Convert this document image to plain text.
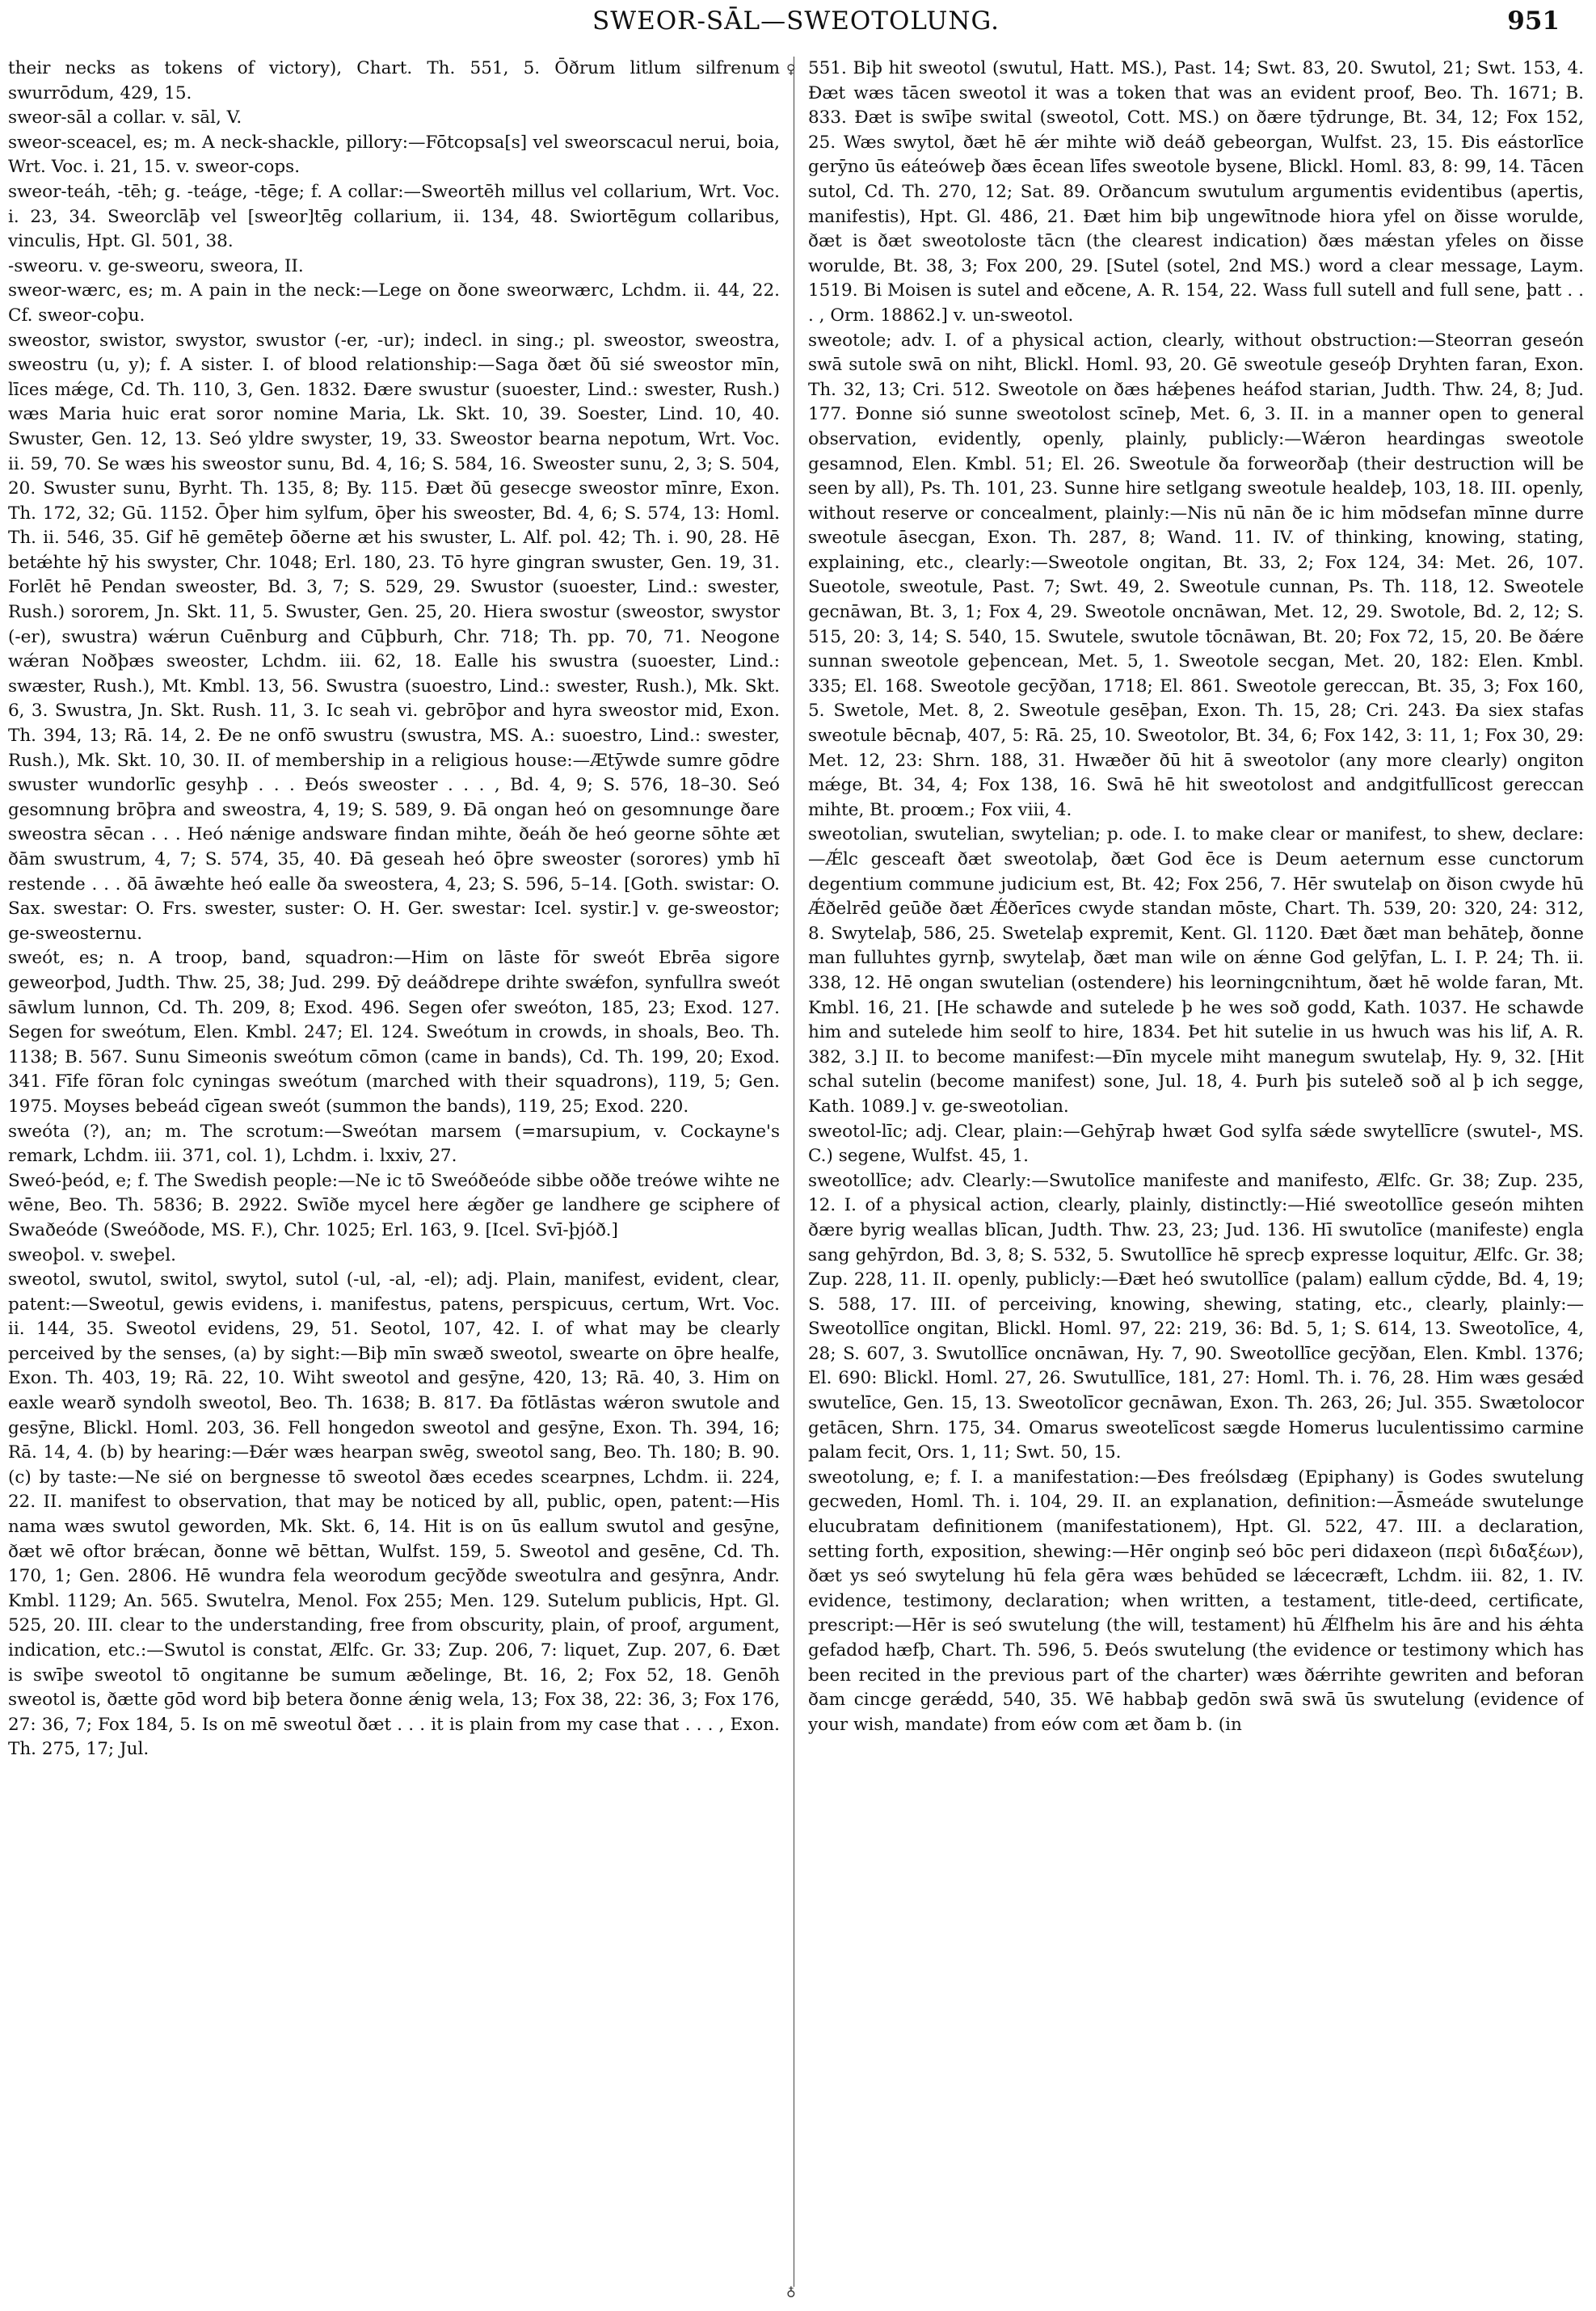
SWEOR-SĀL—SWEOTOLUNG.	951

their necks as tokens of victory), Chart. Th. 551, 5. Ōðrum litlum silfrenum swurrōdum, 429, 15.

sweor-sāl a collar. v. sāl, V.

sweor-sceacel, es; m. A neck-shackle, pillory:—Fōtcopsa[s] vel sweorscacul nerui, boia, Wrt. Voc. i. 21, 15. v. sweor-cops.

sweor-teáh, -tēh; g. -teáge, -tēge; f. A collar:—Sweortēh millus vel collarium, Wrt. Voc. i. 23, 34. Sweorclāþ vel [sweor]tēg collarium, ii. 134, 48. Swiortēgum collaribus, vinculis, Hpt. Gl. 501, 38.

-sweoru. v. ge-sweoru, sweora, II.

sweor-wærc, es; m. A pain in the neck:—Lege on ðone sweorwærc, Lchdm. ii. 44, 22. Cf. sweor-coþu.

sweostor, swistor, swystor, swustor (-er, -ur); indecl. in sing.; pl. sweostor, sweostra, sweostru (u, y); f. A sister. I. of blood relationship:—Saga ðæt ðū sié sweostor mīn, līces mǽge, Cd. Th. 110, 3, Gen. 1832. Ðære swustur (suoester, Lind.: swester, Rush.) wæs Maria huic erat soror nomine Maria, Lk. Skt. 10, 39. Soester, Lind. 10, 40. Swuster, Gen. 12, 13. Seó yldre swyster, 19, 33. Sweostor bearna nepotum, Wrt. Voc. ii. 59, 70. Se wæs his sweostor sunu, Bd. 4, 16; S. 584, 16. Sweoster sunu, 2, 3; S. 504, 20. Swuster sunu, Byrht. Th. 135, 8; By. 115. Ðæt ðū gesecge sweostor mīnre, Exon. Th. 172, 32; Gū. 1152. Ōþer him sylfum, ōþer his sweoster, Bd. 4, 6; S. 574, 13: Homl. Th. ii. 546, 35. Gif hē gemēteþ ōðerne æt his swuster, L. Alf. pol. 42; Th. i. 90, 28. Hē betǽhte hȳ his swyster, Chr. 1048; Erl. 180, 23. Tō hyre gingran swuster, Gen. 19, 31. Forlēt hē Pendan sweoster, Bd. 3, 7; S. 529, 29. Swustor (suoester, Lind.: swester, Rush.) sororem, Jn. Skt. 11, 5. Swuster, Gen. 25, 20. Hiera swostur (sweostor, swystor (-er), swustra) wǽrun Cuēnburg and Cūþburh, Chr. 718; Th. pp. 70, 71. Neogone wǽran Noðþæs sweoster, Lchdm. iii. 62, 18. Ealle his swustra (suoester, Lind.: swæster, Rush.), Mt. Kmbl. 13, 56. Swustra (suoestro, Lind.: swester, Rush.), Mk. Skt. 6, 3. Swustra, Jn. Skt. Rush. 11, 3. Ic seah vi. gebrōþor and hyra sweostor mid, Exon. Th. 394, 13; Rā. 14, 2. Ðe ne onfō swustru (swustra, MS. A.: suoestro, Lind.: swester, Rush.), Mk. Skt. 10, 30. II. of membership in a religious house:—Ætȳwde sumre gōdre swuster wundorlīc gesyhþ . . . Ðeós sweoster . . . , Bd. 4, 9; S. 576, 18–30. Seó gesomnung brōþra and sweostra, 4, 19; S. 589, 9. Ðā ongan heó on gesomnunge ðare sweostra sēcan . . . Heó nǽnige andsware findan mihte, ðeáh ðe heó georne sōhte æt ðām swustrum, 4, 7; S. 574, 35, 40. Ðā geseah heó ōþre sweoster (sorores) ymb hī restende . . . ðā āwæhte heó ealle ða sweostera, 4, 23; S. 596, 5–14. [Goth. swistar: O. Sax. swestar: O. Frs. swester, suster: O. H. Ger. swestar: Icel. systir.] v. ge-sweostor; ge-sweosternu.

sweót, es; n. A troop, band, squadron:—Him on lāste fōr sweót Ebrēa sigore geweorþod, Judth. Thw. 25, 38; Jud. 299. Ðȳ deáðdrepe drihte swǽfon, synfullra sweót sāwlum lunnon, Cd. Th. 209, 8; Exod. 496. Segen ofer sweóton, 185, 23; Exod. 127. Segen for sweótum, Elen. Kmbl. 247; El. 124. Sweótum in crowds, in shoals, Beo. Th. 1138; B. 567. Sunu Simeonis sweótum cōmon (came in bands), Cd. Th. 199, 20; Exod. 341. Fīfe fōran folc cyningas sweótum (marched with their squadrons), 119, 5; Gen. 1975. Moyses bebeád cīgean sweót (summon the bands), 119, 25; Exod. 220.

sweóta (?), an; m. The scrotum:—Sweótan marsem (=marsupium, v. Cockayne's remark, Lchdm. iii. 371, col. 1), Lchdm. i. lxxiv, 27.

Sweó-þeód, e; f. The Swedish people:—Ne ic tō Sweóðeóde sibbe oððe treówe wihte ne wēne, Beo. Th. 5836; B. 2922. Swīðe mycel here ǽgðer ge landhere ge sciphere of Swaðeóde (Sweóðode, MS. F.), Chr. 1025; Erl. 163, 9. [Icel. Svī-þjóð.]

sweoþol. v. sweþel.

sweotol, swutol, switol, swytol, sutol (-ul, -al, -el); adj. Plain, manifest, evident, clear, patent:—Sweotul, gewis evidens, i. manifestus, patens, perspicuus, certum, Wrt. Voc. ii. 144, 35. Sweotol evidens, 29, 51. Seotol, 107, 42. I. of what may be clearly perceived by the senses, (a) by sight:—Biþ mīn swæð sweotol, swearte on ōþre healfe, Exon. Th. 403, 19; Rā. 22, 10. Wiht sweotol and gesȳne, 420, 13; Rā. 40, 3. Him on eaxle wearð syndolh sweotol, Beo. Th. 1638; B. 817. Ða fōtlāstas wǽron swutole and gesȳne, Blickl. Homl. 203, 36. Fell hongedon sweotol and gesȳne, Exon. Th. 394, 16; Rā. 14, 4. (b) by hearing:—Ðǽr wæs hearpan swēg, sweotol sang, Beo. Th. 180; B. 90. (c) by taste:—Ne sié on bergnesse tō sweotol ðæs ecedes scearpnes, Lchdm. ii. 224, 22. II. manifest to observation, that may be noticed by all, public, open, patent:—His nama wæs swutol geworden, Mk. Skt. 6, 14. Hit is on ūs eallum swutol and gesȳne, ðæt wē oftor brǽcan, ðonne wē bēttan, Wulfst. 159, 5. Sweotol and gesēne, Cd. Th. 170, 1; Gen. 2806. Hē wundra fela weorodum gecȳðde sweotulra and gesȳnra, Andr. Kmbl. 1129; An. 565. Swutelra, Menol. Fox 255; Men. 129. Sutelum publicis, Hpt. Gl. 525, 20. III. clear to the understanding, free from obscurity, plain, of proof, argument, indication, etc.:—Swutol is constat, Ælfc. Gr. 33; Zup. 206, 7: liquet, Zup. 207, 6. Ðæt is swīþe sweotol tō ongitanne be sumum æðelinge, Bt. 16, 2; Fox 52, 18. Genōh sweotol is, ðætte gōd word biþ betera ðonne ǽnig wela, 13; Fox 38, 22: 36, 3; Fox 176, 27: 36, 7; Fox 184, 5. Is on mē sweotul ðæt . . . it is plain from my case that . . . , Exon. Th. 275, 17; Jul.

♀
♁

551. Biþ hit sweotol (swutul, Hatt. MS.), Past. 14; Swt. 83, 20. Swutol, 21; Swt. 153, 4. Ðæt wæs tācen sweotol it was a token that was an evident proof, Beo. Th. 1671; B. 833. Ðæt is swīþe swital (sweotol, Cott. MS.) on ðære tȳdrunge, Bt. 34, 12; Fox 152, 25. Wæs swytol, ðæt hē ǽr mihte wið deáð gebeorgan, Wulfst. 23, 15. Ðis eástorlīce gerȳno ūs eáteóweþ ðæs ēcean līfes sweotole bysene, Blickl. Homl. 83, 8: 99, 14. Tācen sutol, Cd. Th. 270, 12; Sat. 89. Orðancum swutulum argumentis evidentibus (apertis, manifestis), Hpt. Gl. 486, 21. Ðæt him biþ ungewītnode hiora yfel on ðisse worulde, ðæt is ðæt sweotoloste tācn (the clearest indication) ðæs mǽstan yfeles on ðisse worulde, Bt. 38, 3; Fox 200, 29. [Sutel (sotel, 2nd MS.) word a clear message, Laym. 1519. Bi Moisen is sutel and eðcene, A. R. 154, 22. Wass full sutell and full sene, þatt . . . , Orm. 18862.] v. un-sweotol.

sweotole; adv. I. of a physical action, clearly, without obstruction:—Steorran geseón swā sutole swā on niht, Blickl. Homl. 93, 20. Gē sweotule geseóþ Dryhten faran, Exon. Th. 32, 13; Cri. 512. Sweotole on ðæs hǽþenes heáfod starian, Judth. Thw. 24, 8; Jud. 177. Ðonne sió sunne sweotolost scīneþ, Met. 6, 3. II. in a manner open to general observation, evidently, openly, plainly, publicly:—Wǽron heardingas sweotole gesamnod, Elen. Kmbl. 51; El. 26. Sweotule ða forweorðaþ (their destruction will be seen by all), Ps. Th. 101, 23. Sunne hire setlgang sweotule healdeþ, 103, 18. III. openly, without reserve or concealment, plainly:—Nis nū nān ðe ic him mōdsefan mīnne durre sweotule āsecgan, Exon. Th. 287, 8; Wand. 11. IV. of thinking, knowing, stating, explaining, etc., clearly:—Sweotole ongitan, Bt. 33, 2; Fox 124, 34: Met. 26, 107. Sueotole, sweotule, Past. 7; Swt. 49, 2. Sweotule cunnan, Ps. Th. 118, 12. Sweotele gecnāwan, Bt. 3, 1; Fox 4, 29. Sweotole oncnāwan, Met. 12, 29. Swotole, Bd. 2, 12; S. 515, 20: 3, 14; S. 540, 15. Swutele, swutole tōcnāwan, Bt. 20; Fox 72, 15, 20. Be ðǽre sunnan sweotole geþencean, Met. 5, 1. Sweotole secgan, Met. 20, 182: Elen. Kmbl. 335; El. 168. Sweotole gecȳðan, 1718; El. 861. Sweotole gereccan, Bt. 35, 3; Fox 160, 5. Swetole, Met. 8, 2. Sweotule gesēþan, Exon. Th. 15, 28; Cri. 243. Ða siex stafas sweotule bēcnaþ, 407, 5: Rā. 25, 10. Sweotolor, Bt. 34, 6; Fox 142, 3: 11, 1; Fox 30, 29: Met. 12, 23: Shrn. 188, 31. Hwæðer ðū hit ā sweotolor (any more clearly) ongiton mǽge, Bt. 34, 4; Fox 138, 16. Swā hē hit sweotolost and andgitfullīcost gereccan mihte, Bt. proœm.; Fox viii, 4.

sweotolian, swutelian, swytelian; p. ode. I. to make clear or manifest, to shew, declare:—Ǽlc gesceaft ðæt sweotolaþ, ðæt God ēce is Deum aeternum esse cunctorum degentium commune judicium est, Bt. 42; Fox 256, 7. Hēr swutelaþ on ðison cwyde hū Ǽðelrēd geūðe ðæt Ǽðerīces cwyde standan mōste, Chart. Th. 539, 20: 320, 24: 312, 8. Swytelaþ, 586, 25. Swetelaþ expremit, Kent. Gl. 1120. Ðæt ðæt man behāteþ, ðonne man fulluhtes gyrnþ, swytelaþ, ðæt man wile on ǽnne God gelȳfan, L. I. P. 24; Th. ii. 338, 12. Hē ongan swutelian (ostendere) his leorningcnihtum, ðæt hē wolde faran, Mt. Kmbl. 16, 21. [He schawde and sutelede þ he wes soð godd, Kath. 1037. He schawde him and sutelede him seolf to hire, 1834. Þet hit sutelie in us hwuch was his lif, A. R. 382, 3.] II. to become manifest:—Ðīn mycele miht manegum swutelaþ, Hy. 9, 32. [Hit schal sutelin (become manifest) sone, Jul. 18, 4. Þurh þis suteleð soð al þ ich segge, Kath. 1089.] v. ge-sweotolian.

sweotol-līc; adj. Clear, plain:—Gehȳraþ hwæt God sylfa sǽde swytellīcre (swutel-, MS. C.) segene, Wulfst. 45, 1.

sweotollīce; adv. Clearly:—Swutolīce manifeste and manifesto, Ælfc. Gr. 38; Zup. 235, 12. I. of a physical action, clearly, plainly, distinctly:—Hié sweotollīce geseón mihten ðære byrig weallas blīcan, Judth. Thw. 23, 23; Jud. 136. Hī swutolīce (manifeste) engla sang gehȳrdon, Bd. 3, 8; S. 532, 5. Swutollīce hē sprecþ expresse loquitur, Ælfc. Gr. 38; Zup. 228, 11. II. openly, publicly:—Ðæt heó swutollīce (palam) eallum cȳdde, Bd. 4, 19; S. 588, 17. III. of perceiving, knowing, shewing, stating, etc., clearly, plainly:—Sweotollīce ongitan, Blickl. Homl. 97, 22: 219, 36: Bd. 5, 1; S. 614, 13. Sweotolīce, 4, 28; S. 607, 3. Swutollīce oncnāwan, Hy. 7, 90. Sweotollīce gecȳðan, Elen. Kmbl. 1376; El. 690: Blickl. Homl. 27, 26. Swutullīce, 181, 27: Homl. Th. i. 76, 28. Him wæs gesǽd swutelīce, Gen. 15, 13. Sweotolīcor gecnāwan, Exon. Th. 263, 26; Jul. 355. Swætolocor getācen, Shrn. 175, 34. Omarus sweotelīcost sægde Homerus luculentissimo carmine palam fecit, Ors. 1, 11; Swt. 50, 15.

sweotolung, e; f. I. a manifestation:—Ðes freólsdæg (Epiphany) is Godes swutelung gecweden, Homl. Th. i. 104, 29. II. an explanation, definition:—Āsmeáde swutelunge elucubratam definitionem (manifestationem), Hpt. Gl. 522, 47. III. a declaration, setting forth, exposition, shewing:—Hēr onginþ seó bōc peri didaxeon (περὶ διδαξέων), ðæt ys seó swytelung hū fela gēra wæs behūded se lǽcecræft, Lchdm. iii. 82, 1. IV. evidence, testimony, declaration; when written, a testament, title-deed, certificate, prescript:—Hēr is seó swutelung (the will, testament) hū Ǽlfhelm his āre and his ǽhta gefadod hæfþ, Chart. Th. 596, 5. Ðeós swutelung (the evidence or testimony which has been recited in the previous part of the charter) wæs ðǽrrihte gewriten and beforan ðam cincge gerǽdd, 540, 35. Wē habbaþ gedōn swā swā ūs swutelung (evidence of your wish, mandate) from eów com æt ðam b. (in
